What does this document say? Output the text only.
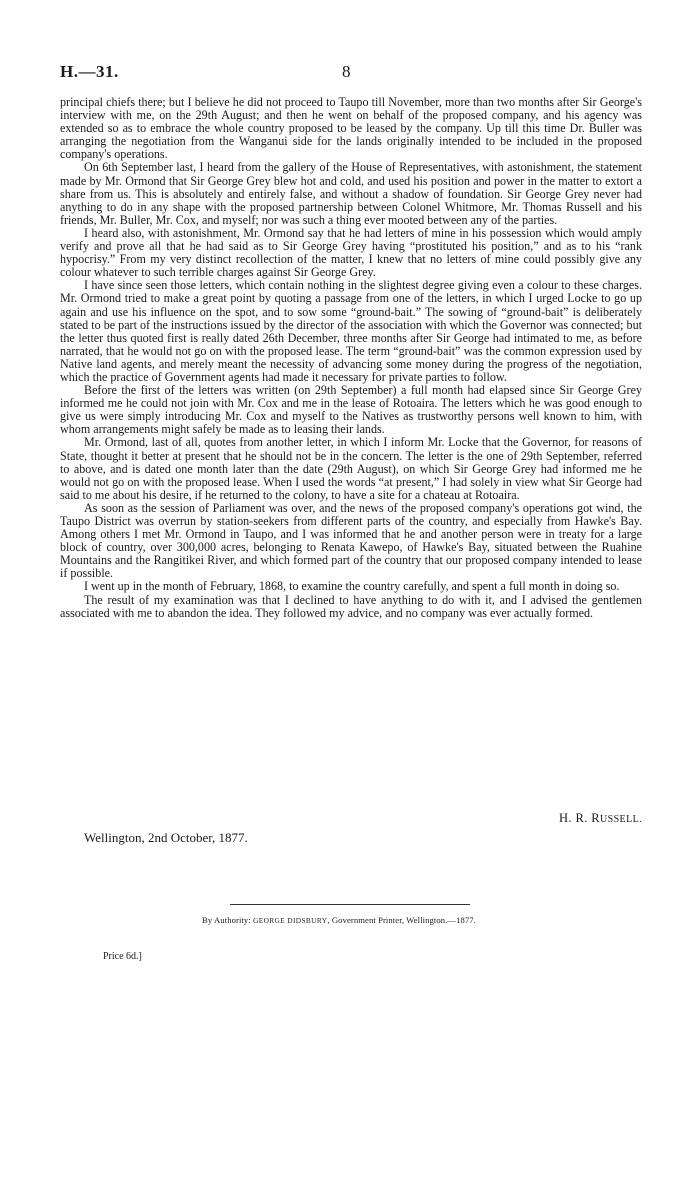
H.—31.	8

principal chiefs there; but I believe he did not proceed to Taupo till November, more than two months after Sir George's interview with me, on the 29th August; and then he went on behalf of the proposed company, and his agency was extended so as to embrace the whole country proposed to be leased by the company. Up till this time Dr. Buller was arranging the negotiation from the Wanganui side for the lands originally intended to be included in the proposed company's operations.

On 6th September last, I heard from the gallery of the House of Representatives, with astonishment, the statement made by Mr. Ormond that Sir George Grey blew hot and cold, and used his position and power in the matter to extort a share from us. This is absolutely and entirely false, and without a shadow of foundation. Sir George Grey never had anything to do in any shape with the proposed partnership between Colonel Whitmore, Mr. Thomas Russell and his friends, Mr. Buller, Mr. Cox, and myself; nor was such a thing ever mooted between any of the parties.

I heard also, with astonishment, Mr. Ormond say that he had letters of mine in his possession which would amply verify and prove all that he had said as to Sir George Grey having “prostituted his position,” and as to his “rank hypocrisy.” From my very distinct recollection of the matter, I knew that no letters of mine could possibly give any colour whatever to such terrible charges against Sir George Grey.

I have since seen those letters, which contain nothing in the slightest degree giving even a colour to these charges. Mr. Ormond tried to make a great point by quoting a passage from one of the letters, in which I urged Locke to go up again and use his influence on the spot, and to sow some “ground-bait.” The sowing of “ground-bait” is deliberately stated to be part of the instructions issued by the director of the association with which the Governor was connected; but the letter thus quoted first is really dated 26th December, three months after Sir George had intimated to me, as before narrated, that he would not go on with the proposed lease. The term “ground-bait” was the common expression used by Native land agents, and merely meant the necessity of advancing some money during the progress of the negotiation, which the practice of Government agents had made it necessary for private parties to follow.

Before the first of the letters was written (on 29th September) a full month had elapsed since Sir George Grey informed me he could not join with Mr. Cox and me in the lease of Rotoaira. The letters which he was good enough to give us were simply introducing Mr. Cox and myself to the Natives as trustworthy persons well known to him, with whom arrangements might safely be made as to leasing their lands.

Mr. Ormond, last of all, quotes from another letter, in which I inform Mr. Locke that the Governor, for reasons of State, thought it better at present that he should not be in the concern. The letter is the one of 29th September, referred to above, and is dated one month later than the date (29th August), on which Sir George Grey had informed me he would not go on with the proposed lease. When I used the words “at present,” I had solely in view what Sir George had said to me about his desire, if he returned to the colony, to have a site for a chateau at Rotoaira.

As soon as the session of Parliament was over, and the news of the proposed company's operations got wind, the Taupo District was overrun by station-seekers from different parts of the country, and especially from Hawke's Bay. Among others I met Mr. Ormond in Taupo, and I was informed that he and another person were in treaty for a large block of country, over 300,000 acres, belonging to Renata Kawepo, of Hawke's Bay, situated between the Ruahine Mountains and the Rangitikei River, and which formed part of the country that our proposed company intended to lease if possible.

I went up in the month of February, 1868, to examine the country carefully, and spent a full month in doing so.

The result of my examination was that I declined to have anything to do with it, and I advised the gentlemen associated with me to abandon the idea. They followed my advice, and no company was ever actually formed.

H. R. RUSSELL.
Wellington, 2nd October, 1877.
By Authority: GEORGE DIDSBURY, Government Printer, Wellington.—1877.
Price 6d.]
